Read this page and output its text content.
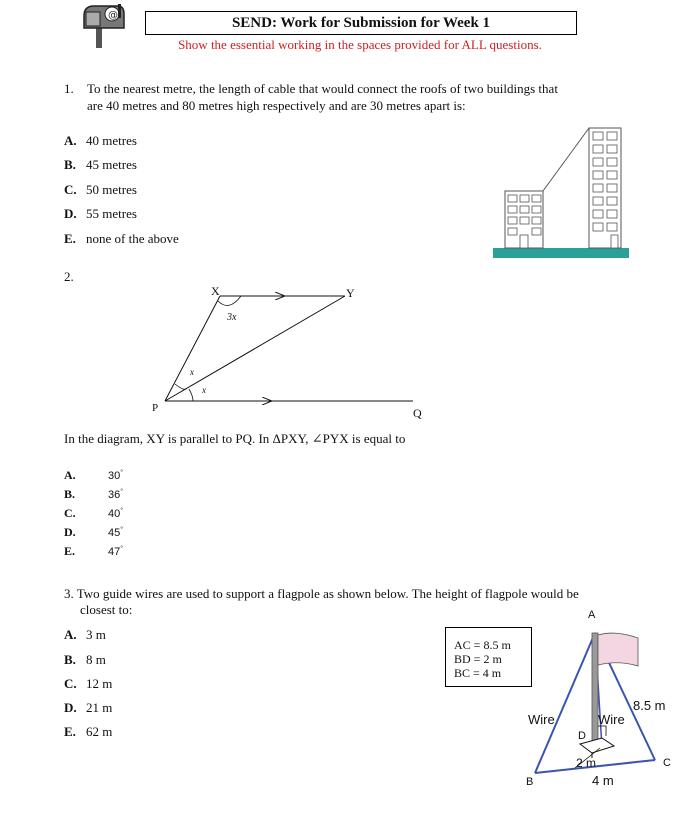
@	SEND: Work for Submission for Week 1
Show the essential working in the spaces provided for ALL questions.
1. To the nearest metre, the length of cable that would connect the roofs of two buildings that
are 40 metres and 80 metres high respectively and are 30 metres apart is:
A. 40 metres
B. 45 metres
C. 50 metres
D. 55 metres
E. none of the above
2.
X	Y
P	Q
3x
x
x
In the diagram, XY is parallel to PQ. In ΔPXY, ∠PYX is equal to
A.	30°
B.	36°
C.	40°
D.	45°
E.	47°
3. Two guide wires are used to support a flagpole as shown below. The height of flagpole would be
closest to:
A. 3 m
B. 8 m
C. 12 m
D. 21 m
E. 62 m
AC = 8.5 m
BD = 2 m
BC = 4 m
A
B
C
D
Wire	Wire
8.5 m
2 m
4 m
